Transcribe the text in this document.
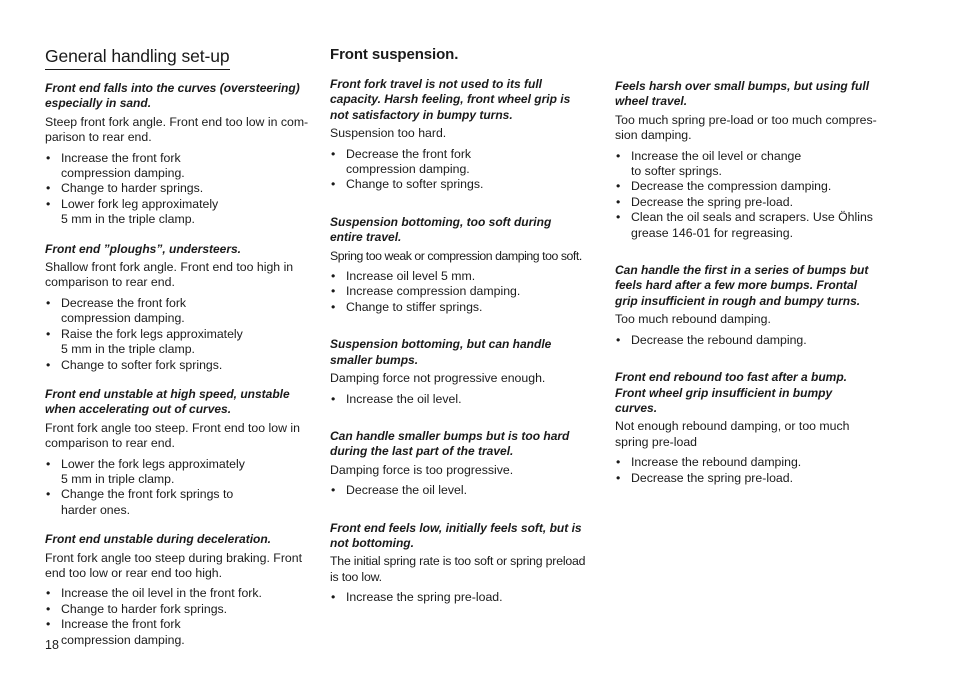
General handling set-up

Front end falls into the curves (oversteering)
especially in sand.

Steep front fork angle. Front end too low in com-
parison to rear end.

• Increase the front fork
compression damping.
• Change to harder springs.
• Lower fork leg approximately
5 mm in the triple clamp.

Front end ”ploughs”, understeers.

Shallow front fork angle. Front end too high in
comparison to rear end.

• Decrease the front fork
compression damping.
• Raise the fork legs approximately
5 mm in the triple clamp.
• Change to softer fork springs.

Front end unstable at high speed, unstable
when accelerating out of curves.

Front fork angle too steep. Front end too low in
comparison to rear end.

• Lower the fork legs approximately
5 mm in triple clamp.
• Change the front fork springs to
harder ones.

Front end unstable during deceleration.

Front fork angle too steep during braking. Front
end too low or rear end too high.

• Increase the oil level in the front fork.
• Change to harder fork springs.
• Increase the front fork
compression damping.
Front suspension.

Front fork travel is not used to its full
capacity. Harsh feeling, front wheel grip is
not satisfactory in bumpy turns.

Suspension too hard.

• Decrease the front fork
compression damping.
• Change to softer springs.

Suspension bottoming, too soft during
entire travel.

Spring too weak or compression damping too soft.

• Increase oil level 5 mm.
• Increase compression damping.
• Change to stiffer springs.

Suspension bottoming, but can handle
smaller bumps.

Damping force not progressive enough.

• Increase the oil level.

Can handle smaller bumps but is too hard
during the last part of the travel.

Damping force is too progressive.

• Decrease the oil level.

Front end feels low, initially feels soft, but is
not bottoming.

The initial spring rate is too soft or spring preload
is too low.

• Increase the spring pre-load.

Feels harsh over small bumps, but using full
wheel travel.

Too much spring pre-load or too much compres-
sion damping.

• Increase the oil level or change
to softer springs.
• Decrease the compression damping.
• Decrease the spring pre-load.
• Clean the oil seals and scrapers. Use Öhlins
grease 146-01 for regreasing.

Can handle the first in a series of bumps but
feels hard after a few more bumps. Frontal
grip insufficient in rough and bumpy turns.

Too much rebound damping.

• Decrease the rebound damping.

Front end rebound too fast after a bump.
Front wheel grip insufficient in bumpy
curves.

Not enough rebound damping, or too much
spring pre-load

• Increase the rebound damping.
• Decrease the spring pre-load.
18
